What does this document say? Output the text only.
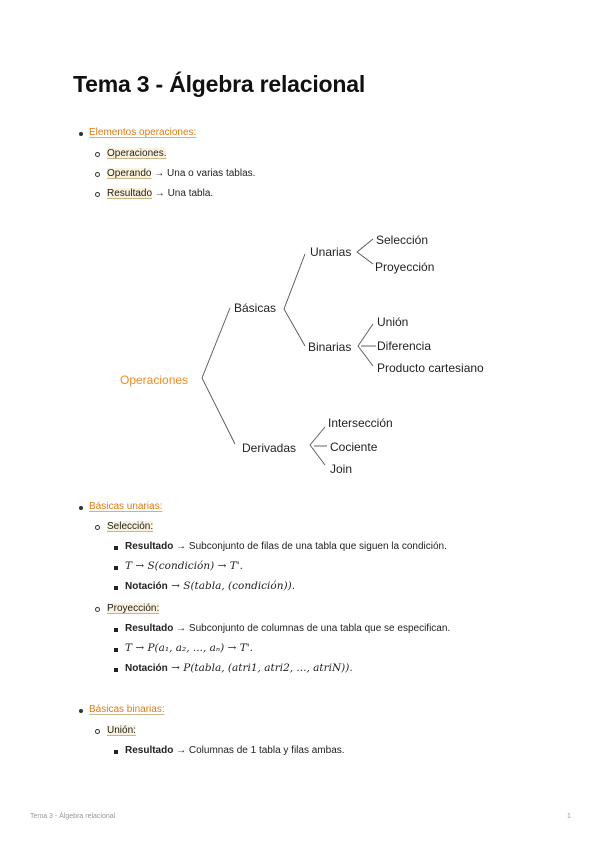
Tema 3 - Álgebra relacional
Elementos operaciones:
Operaciones.
Operando → Una o varias tablas.
Resultado → Una tabla.
Operaciones
Básicas
Unarias
Selección
Proyección
Binarias
Unión
Diferencia
Producto cartesiano
Derivadas
Intersección
Cociente
Join
Básicas unarias:
Selección:
Resultado → Subconjunto de filas de una tabla que siguen la condición.
T → S(condición) → T'.
Notación → S(tabla, (condición)).
Proyección:
Resultado → Subconjunto de columnas de una tabla que se especifican.
T → P(a₁, a₂, ..., aₙ) → T'.
Notación → P(tabla, (atri1, atri2, ..., atriN)).
Básicas binarias:
Unión:
Resultado → Columnas de 1 tabla y filas ambas.
Tema 3 - Álgebra relacional	1
